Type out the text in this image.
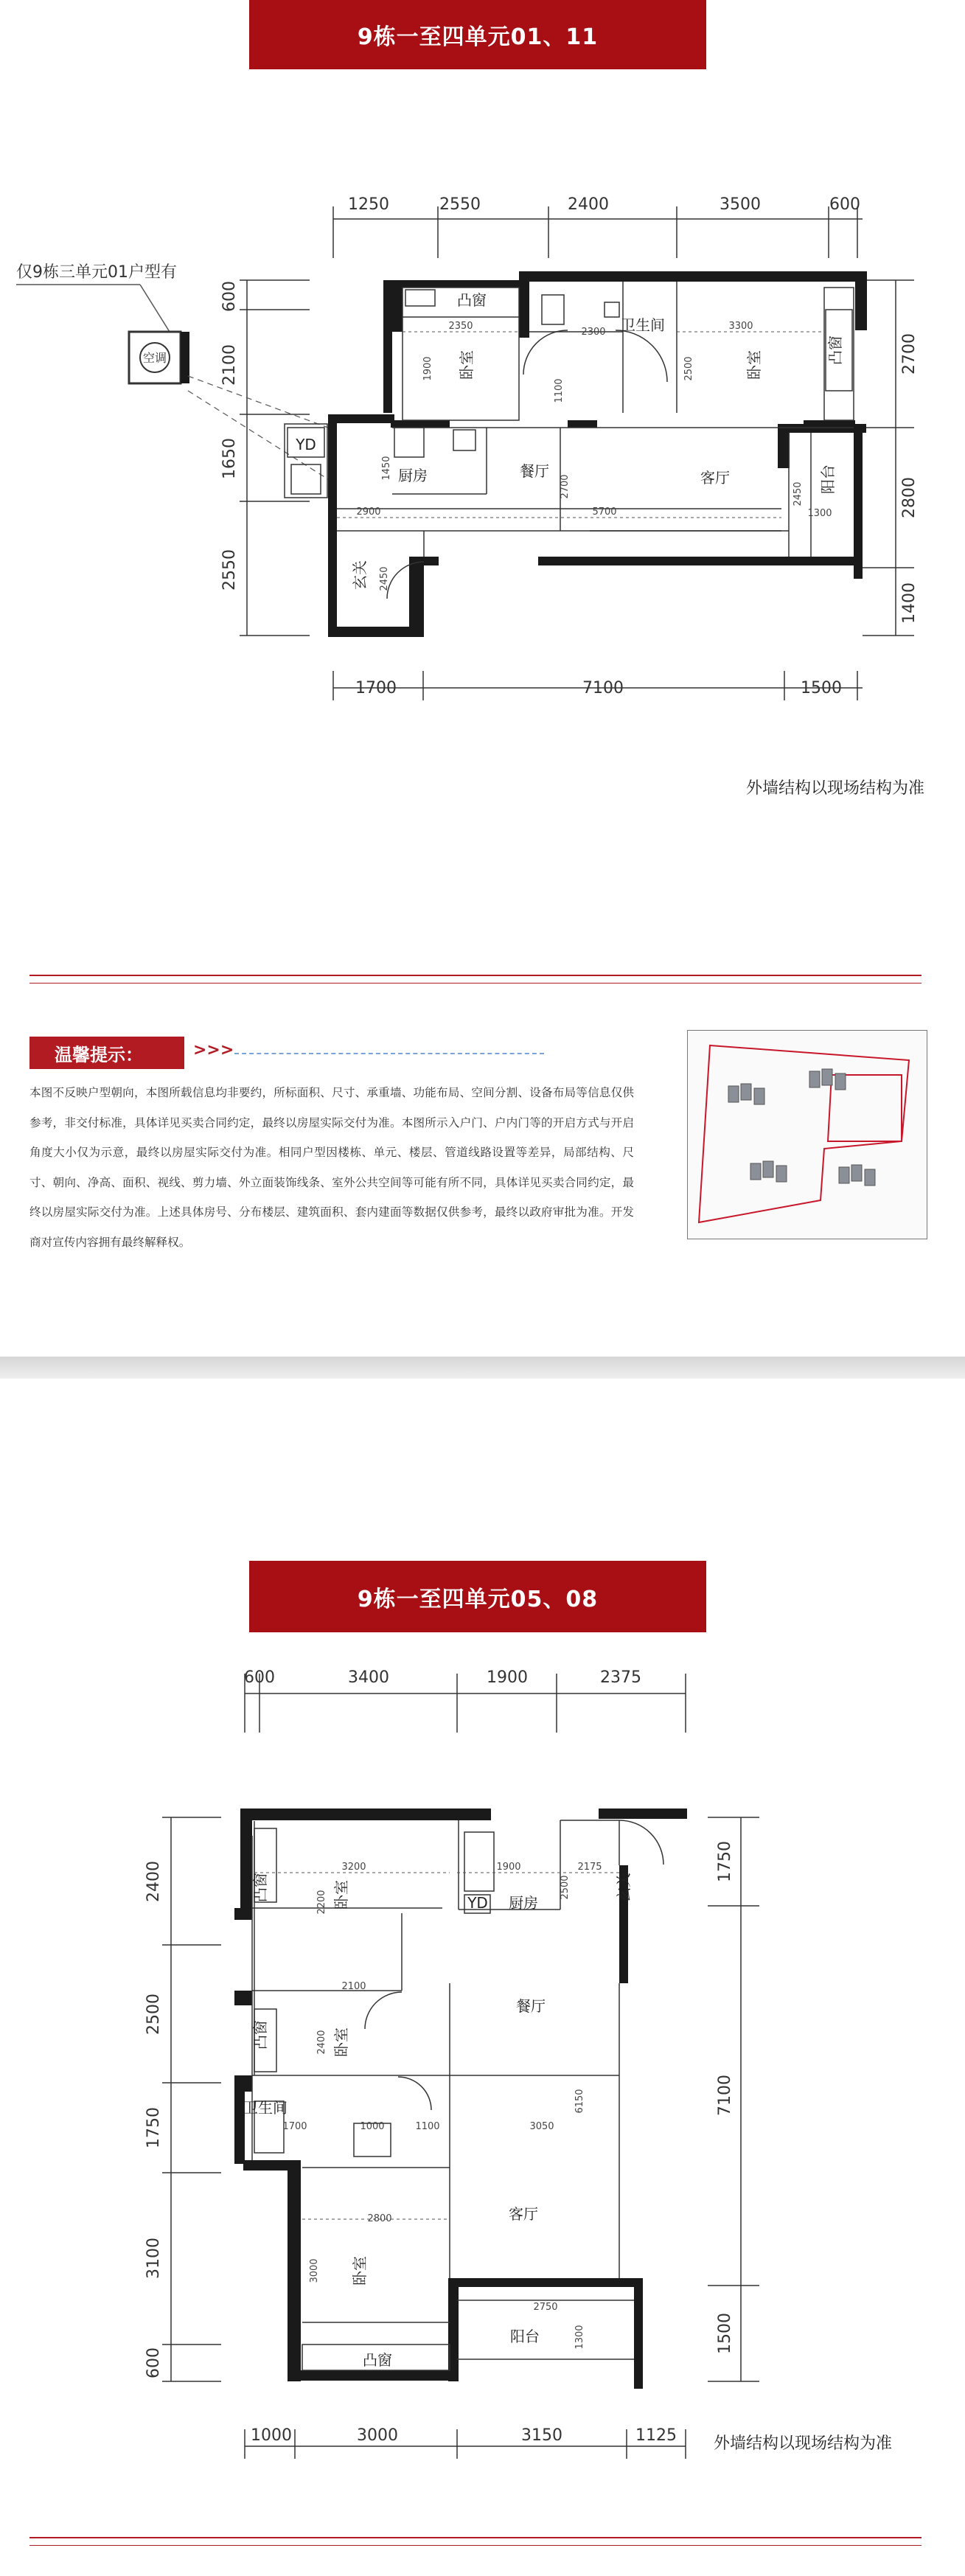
9栋一至四单元01、11
1250	2550	2400	3500	600
1700	7100	1500
600
2100
1650
2550
2700
2800
1400
仅9栋三单元01户型有
空调
凸窗
YD
卧室
卫生间
卧室	凸窗
厨房	餐厅	客厅	阳台
玄关
2350
1900
2300
3300
2500
1100
1450
2700
2900	5700
2450
1300
2450
外墙结构以现场结构为准
温馨提示：	>>>
本图不反映户型朝向，本图所载信息均非要约，所标面积、尺寸、承重墙、功能布局、空间分割、设备布局等信息仅供参考，非交付标准，具体详见买卖合同约定，最终以房屋实际交付为准。本图所示入户门、户内门等的开启方式与开启角度大小仅为示意，最终以房屋实际交付为准。相同户型因楼栋、单元、楼层、管道线路设置等差异，局部结构、尺寸、朝向、净高、面积、视线、剪力墙、外立面装饰线条、室外公共空间等可能有所不同，具体详见买卖合同约定，最终以房屋实际交付为准。上述具体房号、分布楼层、建筑面积、套内建面等数据仅供参考，最终以政府审批为准。开发商对宣传内容拥有最终解释权。
9栋一至四单元05、08
600	3400	1900	2375
1000	3000	3150	1125
2400
2500
1750
3100
600
1750
7100
1500
凸窗	卧室	厨房
YD
玄关
凸窗	卧室
餐厅
卫生间
客厅
卧室
凸窗
阳台
3200	1900	2175
2200
2500
2100
2400
1700	1000	1100	3050
6150
2800
3000
2750
1300
外墙结构以现场结构为准
